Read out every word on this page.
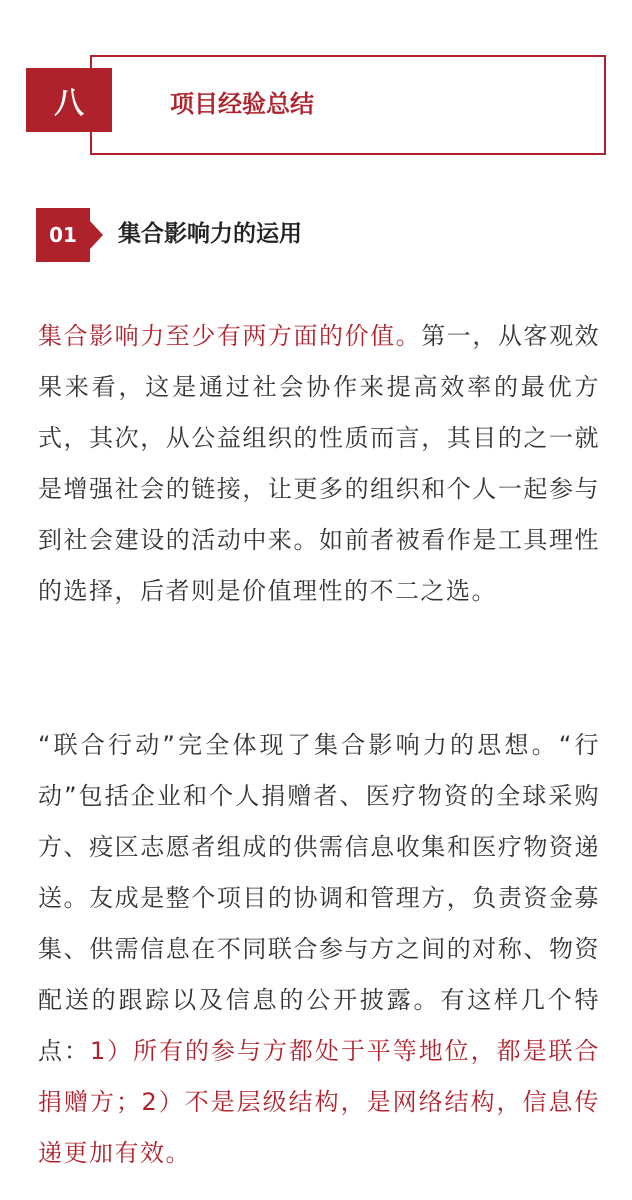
八	项目经验总结
01	集合影响力的运用

集合影响力至少有两方面的价值。第一，从客观效果来看，这是通过社会协作来提高效率的最优方式，其次，从公益组织的性质而言，其目的之一就是增强社会的链接，让更多的组织和个人一起参与到社会建设的活动中来。如前者被看作是工具理性的选择，后者则是价值理性的不二之选。

“联合行动”完全体现了集合影响力的思想。“行动”包括企业和个人捐赠者、医疗物资的全球采购方、疫区志愿者组成的供需信息收集和医疗物资递送。友成是整个项目的协调和管理方，负责资金募集、供需信息在不同联合参与方之间的对称、物资配送的跟踪以及信息的公开披露。有这样几个特点：1）所有的参与方都处于平等地位，都是联合捐赠方；2）不是层级结构，是网络结构，信息传递更加有效。
